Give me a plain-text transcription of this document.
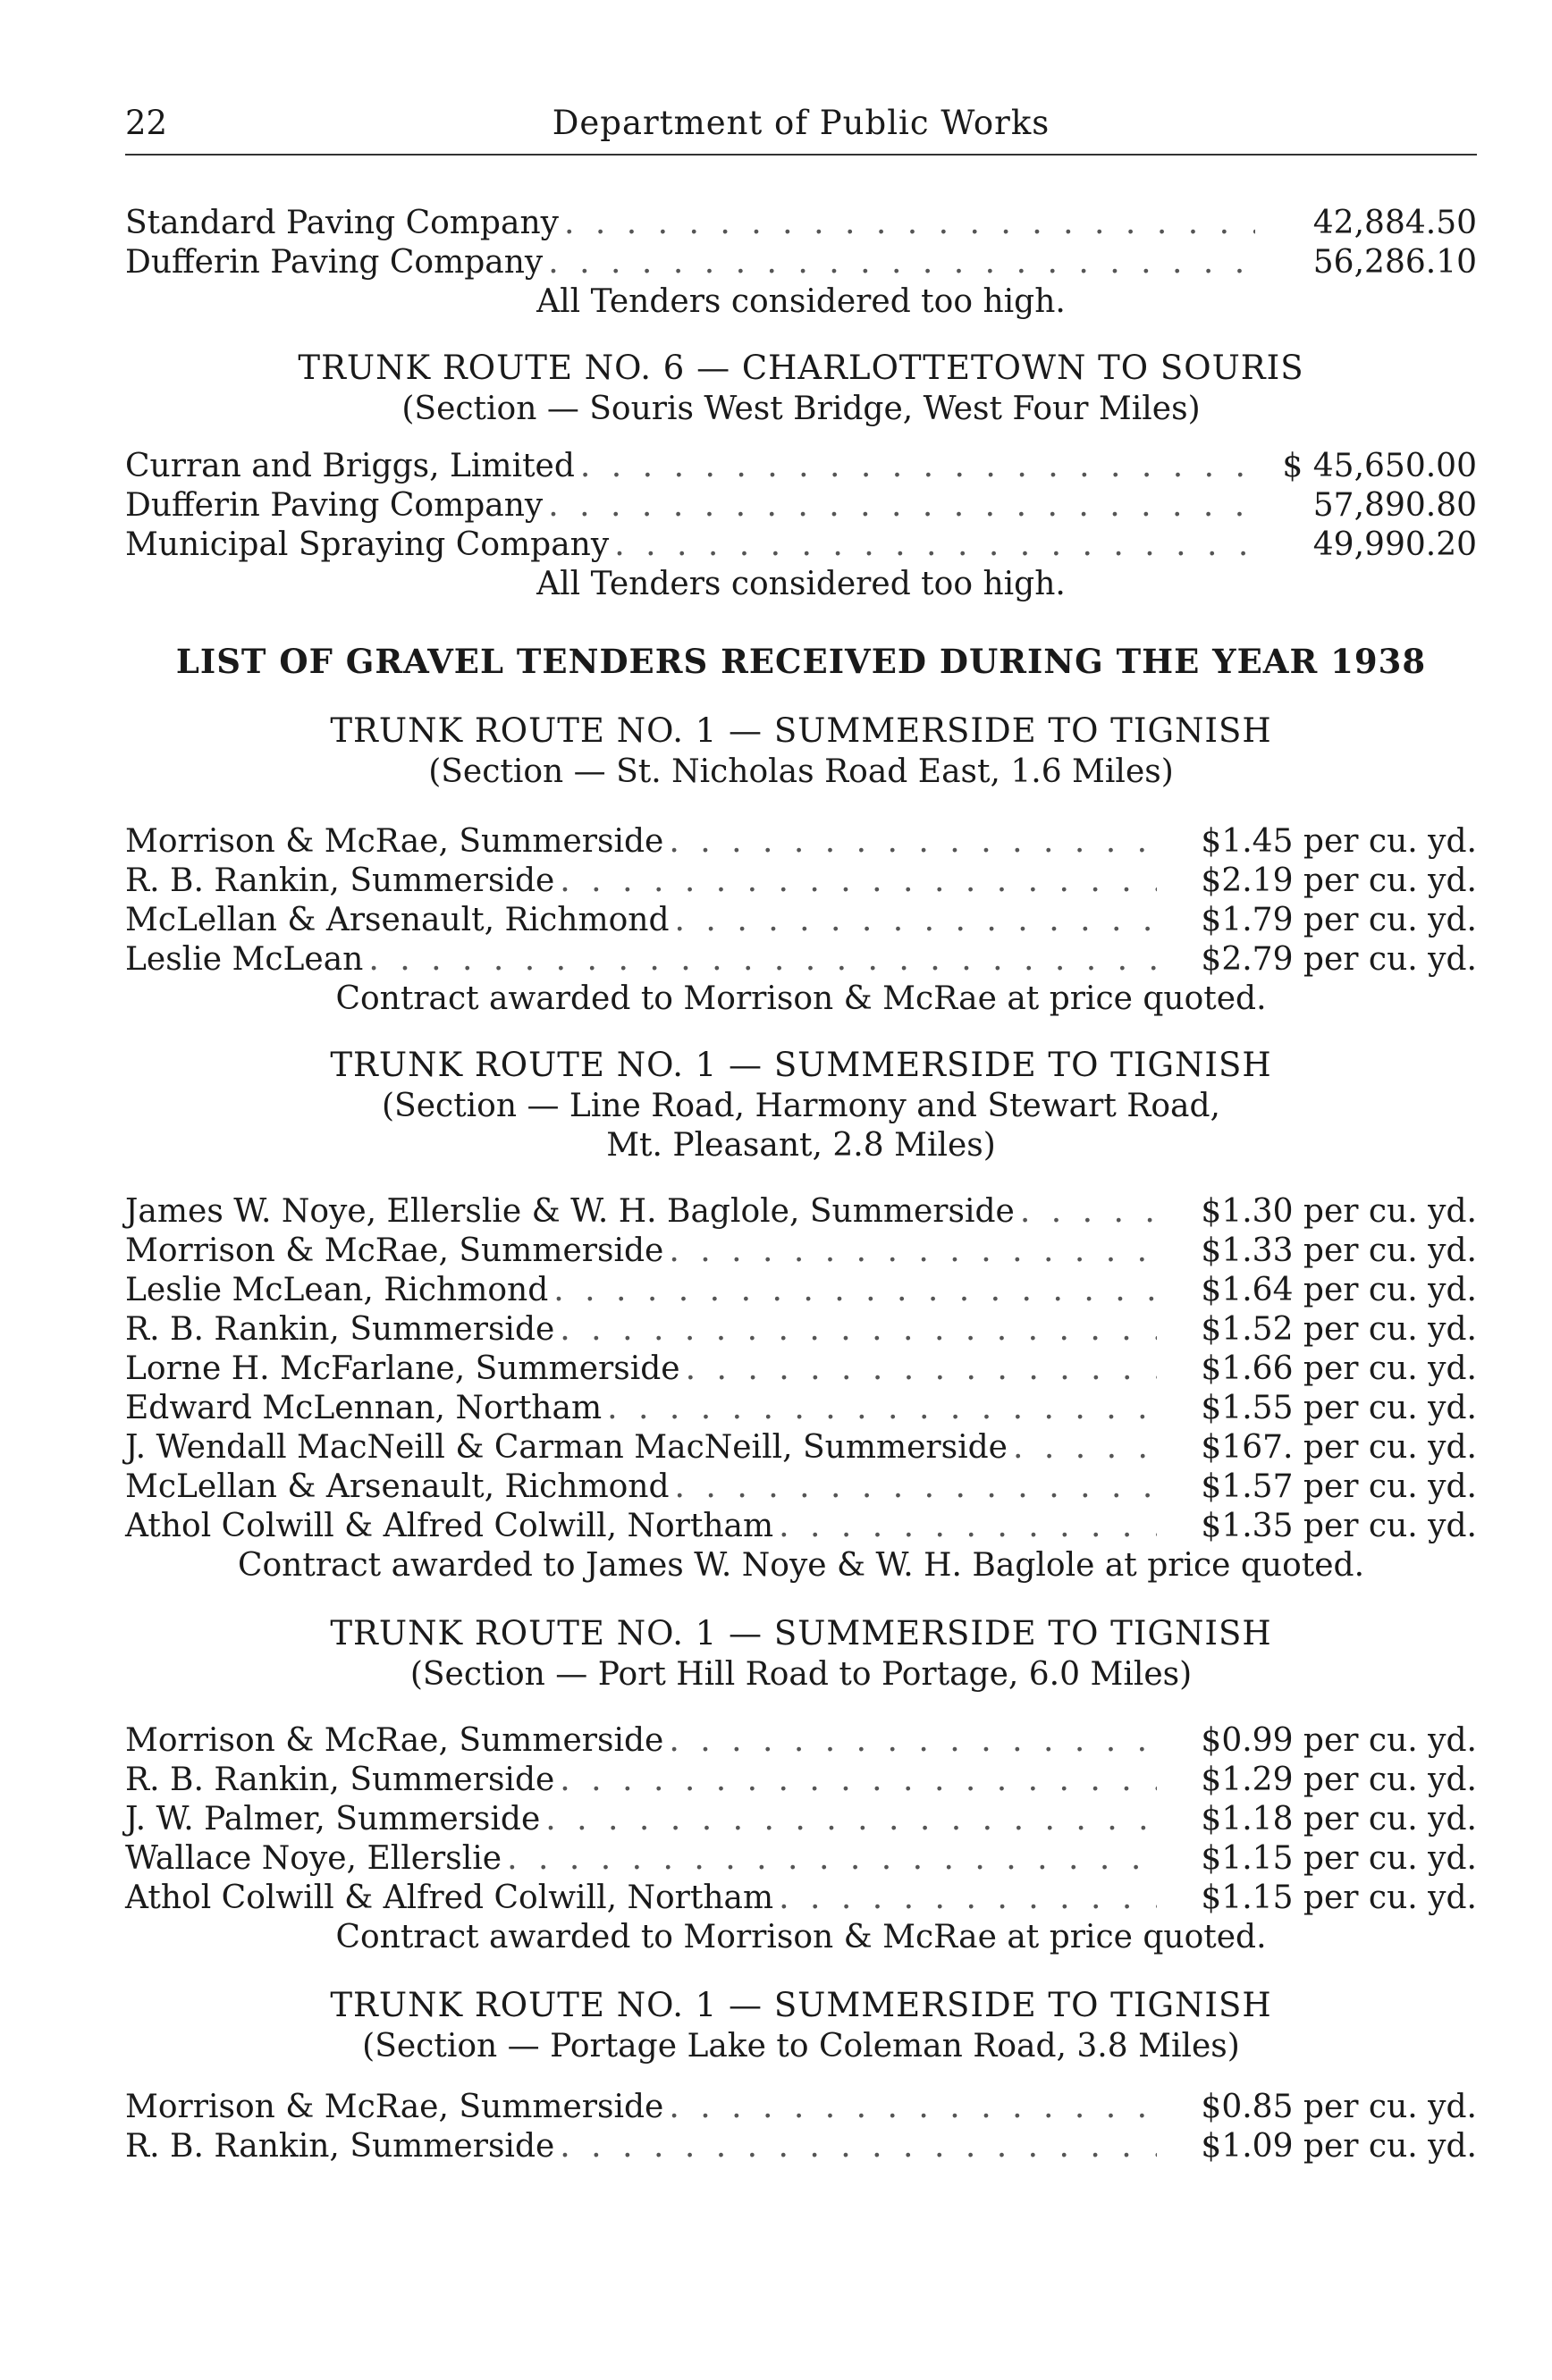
22	Department of Public Works
Standard Paving Company . . .	42,884.50
Dufferin Paving Company . . .	56,286.10
All Tenders considered too high.
TRUNK ROUTE NO. 6 — CHARLOTTETOWN TO SOURIS
(Section — Souris West Bridge, West Four Miles)
Curran and Briggs, Limited . . .	$ 45,650.00
Dufferin Paving Company . . .	57,890.80
Municipal Spraying Company . . .	49,990.20
All Tenders considered too high.
LIST OF GRAVEL TENDERS RECEIVED DURING THE YEAR 1938
TRUNK ROUTE NO. 1 — SUMMERSIDE TO TIGNISH
(Section — St. Nicholas Road East, 1.6 Miles)
Morrison & McRae, Summerside . . .	$1.45 per cu. yd.
R. B. Rankin, Summerside . . .	$2.19 per cu. yd.
McLellan & Arsenault, Richmond . . .	$1.79 per cu. yd.
Leslie McLean . . .	$2.79 per cu. yd.
Contract awarded to Morrison & McRae at price quoted.
TRUNK ROUTE NO. 1 — SUMMERSIDE TO TIGNISH
(Section — Line Road, Harmony and Stewart Road,
Mt. Pleasant, 2.8 Miles)
James W. Noye, Ellerslie & W. H. Baglole, Summerside . . .	$1.30 per cu. yd.
Morrison & McRae, Summerside . . .	$1.33 per cu. yd.
Leslie McLean, Richmond . . .	$1.64 per cu. yd.
R. B. Rankin, Summerside . . .	$1.52 per cu. yd.
Lorne H. McFarlane, Summerside . . .	$1.66 per cu. yd.
Edward McLennan, Northam . . .	$1.55 per cu. yd.
J. Wendall MacNeill & Carman MacNeill, Summerside . . .	$167. per cu. yd.
McLellan & Arsenault, Richmond . . .	$1.57 per cu. yd.
Athol Colwill & Alfred Colwill, Northam . . .	$1.35 per cu. yd.
Contract awarded to James W. Noye & W. H. Baglole at price quoted.
TRUNK ROUTE NO. 1 — SUMMERSIDE TO TIGNISH
(Section — Port Hill Road to Portage, 6.0 Miles)
Morrison & McRae, Summerside . . .	$0.99 per cu. yd.
R. B. Rankin, Summerside . . .	$1.29 per cu. yd.
J. W. Palmer, Summerside . . .	$1.18 per cu. yd.
Wallace Noye, Ellerslie . . .	$1.15 per cu. yd.
Athol Colwill & Alfred Colwill, Northam . . .	$1.15 per cu. yd.
Contract awarded to Morrison & McRae at price quoted.
TRUNK ROUTE NO. 1 — SUMMERSIDE TO TIGNISH
(Section — Portage Lake to Coleman Road, 3.8 Miles)
Morrison & McRae, Summerside . . .	$0.85 per cu. yd.
R. B. Rankin, Summerside . . .	$1.09 per cu. yd.
